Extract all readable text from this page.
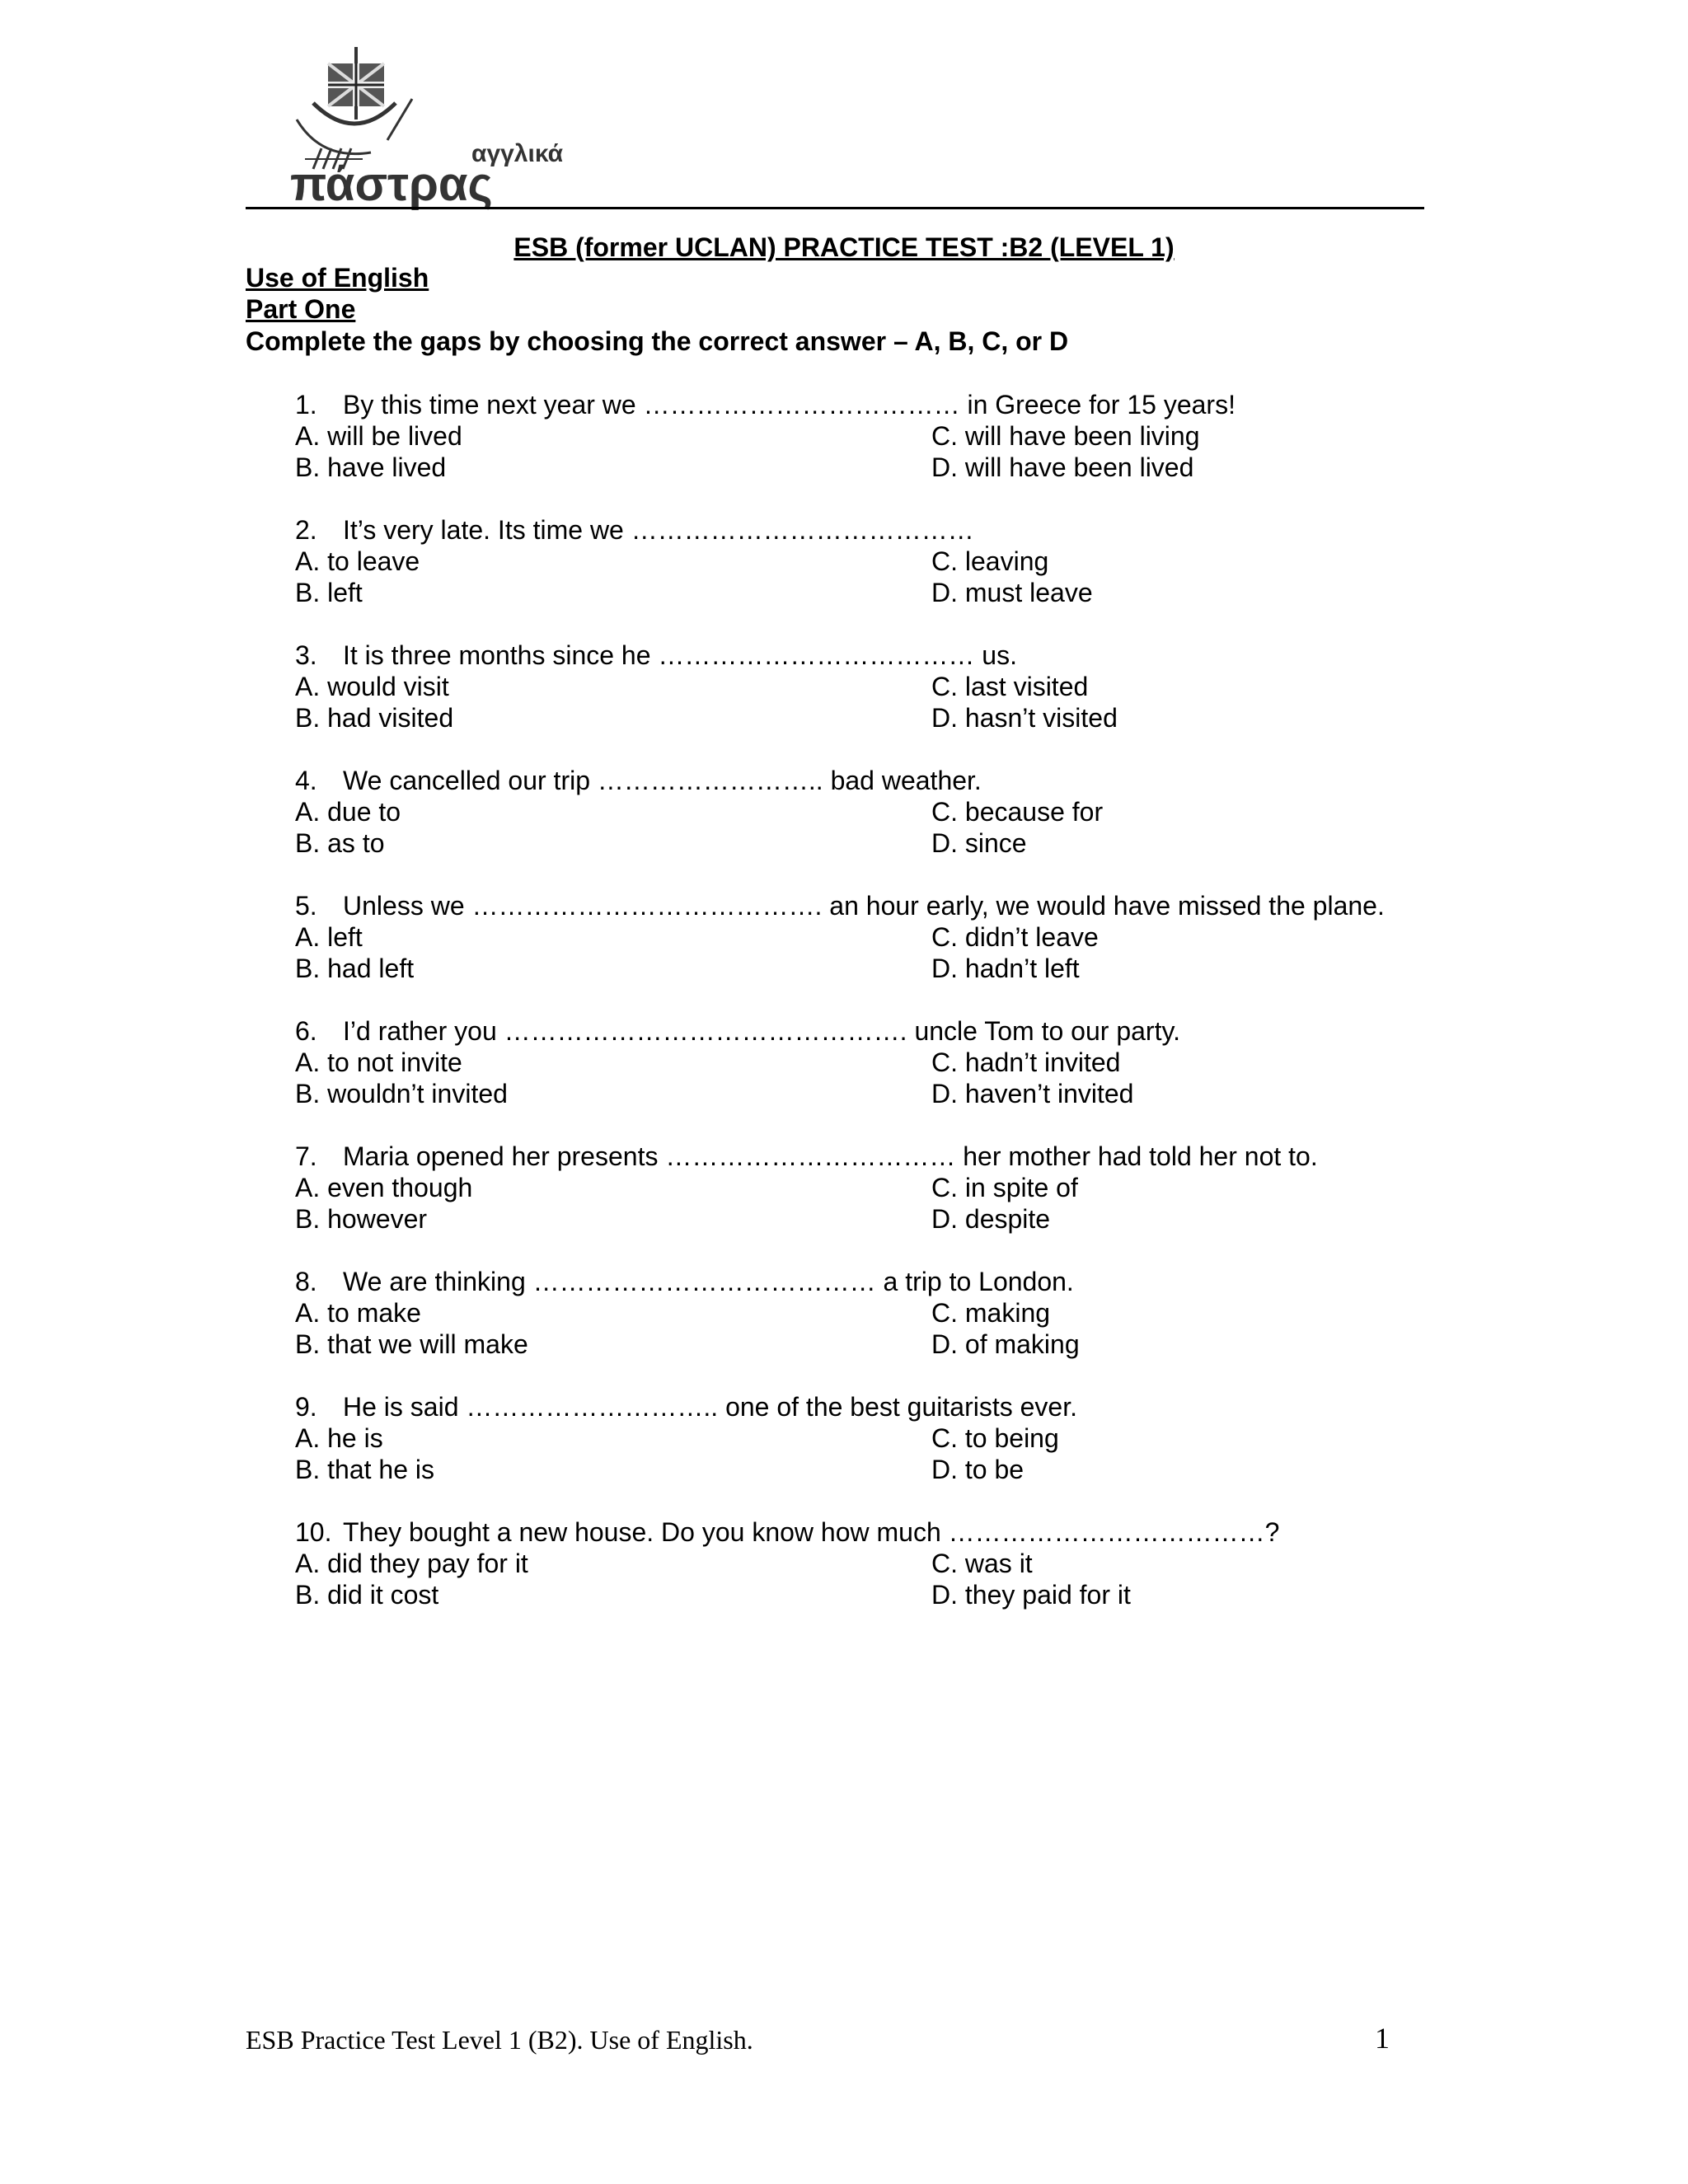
αγγλικά
πάστρας
ESB (former UCLAN) PRACTICE TEST :B2 (LEVEL 1)
Use of English
Part One
Complete the gaps by choosing the correct answer – A, B, C, or D
1. By this time next year we ……………………………… in Greece for 15 years!
A. will be lived
B. have lived
C. will have been living
D. will have been lived
2. It’s very late. Its time we …………………………………
A. to leave
B. left
C. leaving
D. must leave
3. It is three months since he ……………………………… us.
A. would visit
B. had visited
C. last visited
D. hasn’t visited
4. We cancelled our trip …………………….. bad weather.
A. due to
B. as to
C. because for
D. since
5. Unless we …………………………………. an hour early, we would have missed the plane.
A. left
B. had left
C. didn’t leave
D. hadn’t left
6. I’d rather you ………………………………………. uncle Tom to our party.
A. to not invite
B. wouldn’t invited
C. hadn’t invited
D. haven’t invited
7. Maria opened her presents …………………………… her mother had told her not to.
A. even though
B. however
C. in spite of
D. despite
8. We are thinking ………………………………… a trip to London.
A. to make
B. that we will make
C. making
D. of making
9. He is said ……………………….. one of the best guitarists ever.
A. he is
B. that he is
C. to being
D. to be
10. They bought a new house. Do you know how much ………………………………?
A. did they pay for it
B. did it cost
C. was it
D. they paid for it
ESB Practice Test Level 1 (B2). Use of English.	1
